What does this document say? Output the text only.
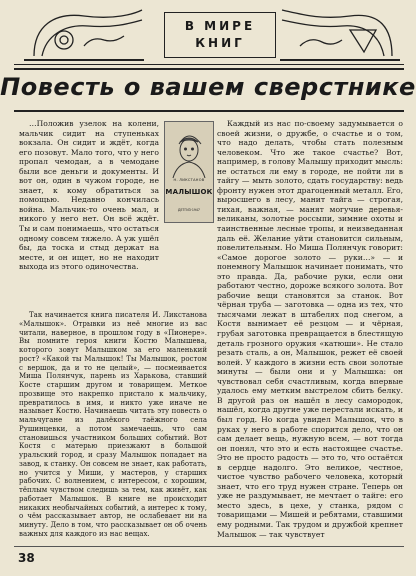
В МИРЕ
КНИГ
Повесть о вашем сверстнике

…Положив узелок на колени, мальчик сидит на ступеньках вокзала. Он сидит и ждёт, когда его позовут. Мало того, что у него пропал чемодан, а в чемодане были все деньги и документы. И вот он, один в чужом городе, не знает, к кому обратиться за помощью. Недавно кончилась война. Мальчик-то очень мал, и никого у него нет. Он всё ждёт. Ты и сам понимаешь, что остаться одному совсем тяжело. А уж ушёл бы, да тоска и стыд держат на месте, и он ищет, но не находит выхода из этого одиночества.

Н. ЛИКСТАНОВ
МАЛЫШОК
ДЕТГИЗ·1947

Так начинается книга писателя И. Ликстанова «Малышок». Отрывки из неё многие из вас читали, наверное, в прошлом году в «Пионере». Вы помните героя книги Костю Малышева, которого зовут Малышком за его маленький рост? «Какой ты Малышок! Ты Малышок, ростом с вершок, да и то не целый», — посмеивается Миша Полянчук, парень из Харькова, ставший Косте старшим другом и товарищем. Меткое прозвище это накрепко пристало к мальчику, превратилось в имя, и никто уже иначе не называет Костю. Начинаешь читать эту повесть о мальчугане из далёкого таёжного села Рушинцевки, а потом замечаешь, что сам становишься участником больших событий. Вот Костя с матерью приезжают в большой уральский город, и сразу Малышок попадает на завод, к станку. Он совсем не знает, как работать, но учится у Миши, у мастеров, у старших рабочих. С волнением, с интересом, с хорошим, тёплым чувством следишь за тем, как живёт, как работает Малышок. В книге не происходит никаких необычайных событий, а интерес к тому, о чём рассказывает автор, не ослабевает ни на минуту. Дело в том, что рассказывает он об очень важных для каждого из нас вещах.

Каждый из нас по-своему задумывается о своей жизни, о дружбе, о счастье и о том, что надо делать, чтобы стать полезным человеком. Что же такое счастье? Вот, например, в голову Малышу приходит мысль: не остаться ли ему в городе, не пойти ли в тайгу — мыть золото, сдать государству: ведь фронту нужен этот драгоценный металл. Его, выросшего в лесу, манит тайга — строгая, тихая, важная, — манят могучие деревья-великаны, золотые россыпи, зимние охоты и таинственные лесные тропы, и неизведанная даль её. Желание уйти становится сильным, повелительным. Но Миша Полянчук говорит: «Самое дорогое золото — руки…» — и понемногу Малышок начинает понимать, что это правда. Да, рабочие руки, если они работают честно, дороже всякого золота. Вот рабочие вещи становятся за станок. Вот чёрная труба — заготовка — одна из тех, что тысячами лежат в штабелях под снегом, а Костя вынимает её резцом — и чёрная, грубая заготовка превращается в блестящую деталь грозного оружия «катюши». Не стало резать сталь, а он, Малышок, режет её своей волей. У каждого в жизни есть свои золотые минуты — были они и у Малышка: он чувствовал себя счастливым, когда впервые удалось ему метким выстрелом сбить белку. В другой раз он нашёл в лесу самородок, нашёл, когда другие уже перестали искать, и был горд. Но когда увидел Малышок, что в руках у него в работе спорится дело, что он сам делает вещь, нужную всем, — вот тогда он понял, что это и есть настоящее счастье. Это не просто радость — это то, что остаётся в сердце надолго. Это великое, честное, чистое чувство рабочего человека, который знает, что его труд нужен стране. Теперь он уже не раздумывает, не мечтает о тайге: его место здесь, в цехе, у станка, рядом с товарищами — Мишей и ребятами, ставшими ему родными. Так трудом и дружбой крепнет Малышок — так чувствует

38
